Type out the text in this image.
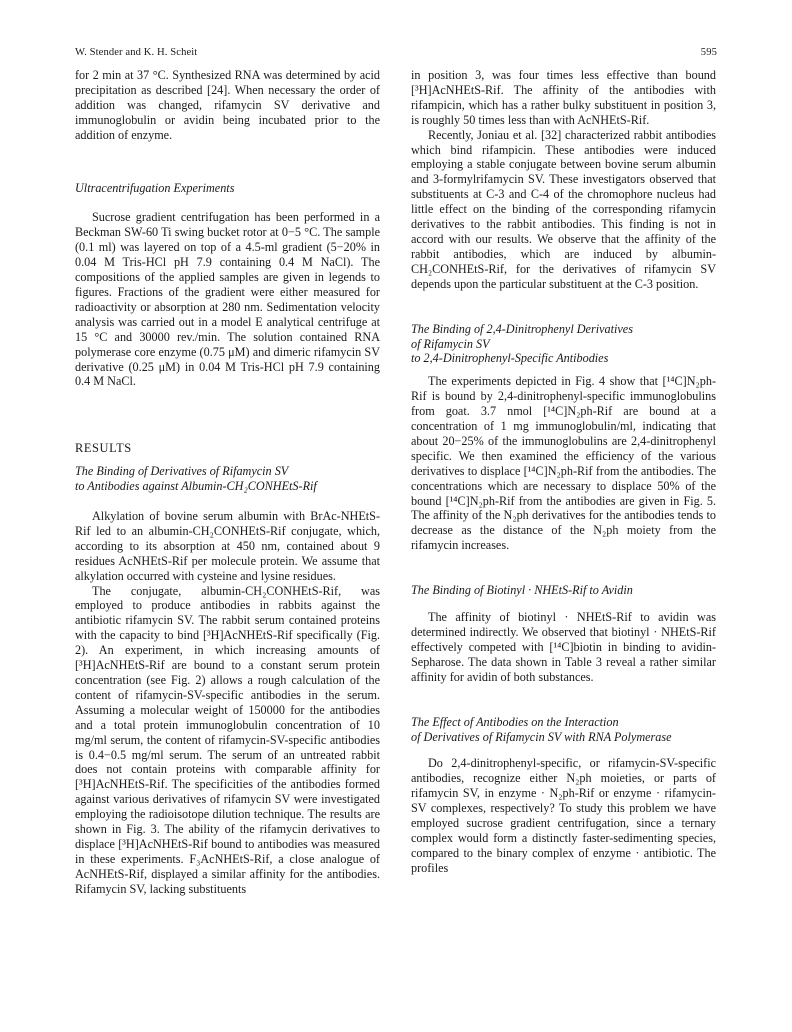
W. Stender and K. H. Scheit	595

for 2 min at 37 °C. Synthesized RNA was determined by acid precipitation as described [24]. When necessary the order of addition was changed, rifamycin SV derivative and immunoglobulin or avidin being incubated prior to the addition of enzyme.

Ultracentrifugation Experiments

Sucrose gradient centrifugation has been performed in a Beckman SW-60 Ti swing bucket rotor at 0−5 °C. The sample (0.1 ml) was layered on top of a 4.5-ml gradient (5−20% in 0.04 M Tris-HCl pH 7.9 containing 0.4 M NaCl). The compositions of the applied samples are given in legends to figures. Fractions of the gradient were either measured for radioactivity or absorption at 280 nm. Sedimentation velocity analysis was carried out in a model E analytical centrifuge at 15 °C and 30000 rev./min. The solution contained RNA polymerase core enzyme (0.75 μM) and dimeric rifamycin SV derivative (0.25 μM) in 0.04 M Tris-HCl pH 7.9 containing 0.4 M NaCl.

RESULTS

The Binding of Derivatives of Rifamycin SV

to Antibodies against Albumin-CH₂CONHEtS-Rif

Alkylation of bovine serum albumin with BrAc-NHEtS-Rif led to an albumin-CH₂CONHEtS-Rif conjugate, which, according to its absorption at 450 nm, contained about 9 residues AcNHEtS-Rif per molecule protein. We assume that alkylation occurred with cysteine and lysine residues.

The conjugate, albumin-CH₂CONHEtS-Rif, was employed to produce antibodies in rabbits against the antibiotic rifamycin SV. The rabbit serum contained proteins with the capacity to bind [³H]AcNHEtS-Rif specifically (Fig. 2). An experiment, in which increasing amounts of [³H]AcNHEtS-Rif are bound to a constant serum protein concentration (see Fig. 2) allows a rough calculation of the content of rifamycin-SV-specific antibodies in the serum. Assuming a molecular weight of 150000 for the antibodies and a total protein immunoglobulin concentration of 10 mg/ml serum, the content of rifamycin-SV-specific antibodies is 0.4−0.5 mg/ml serum. The serum of an untreated rabbit does not contain proteins with comparable affinity for [³H]AcNHEtS-Rif. The specificities of the antibodies formed against various derivatives of rifamycin SV were investigated employing the radioisotope dilution technique. The results are shown in Fig. 3. The ability of the rifamycin derivatives to displace [³H]AcNHEtS-Rif bound to antibodies was measured in these experiments. F₃AcNHEtS-Rif, a close analogue of AcNHEtS-Rif, displayed a similar affinity for the antibodies. Rifamycin SV, lacking substituents

in position 3, was four times less effective than bound [³H]AcNHEtS-Rif. The affinity of the antibodies with rifampicin, which has a rather bulky substituent in position 3, is roughly 50 times less than with AcNHEtS-Rif.

Recently, Joniau et al. [32] characterized rabbit antibodies which bind rifampicin. These antibodies were induced employing a stable conjugate between bovine serum albumin and 3-formylrifamycin SV. These investigators observed that substituents at C-3 and C-4 of the chromophore nucleus had little effect on the binding of the corresponding rifamycin derivatives to the rabbit antibodies. This finding is not in accord with our results. We observe that the affinity of the rabbit antibodies, which are induced by albumin-CH₂CONHEtS-Rif, for the derivatives of rifamycin SV depends upon the particular substituent at the C-3 position.

The Binding of 2,4-Dinitrophenyl Derivatives

of Rifamycin SV

to 2,4-Dinitrophenyl-Specific Antibodies

The experiments depicted in Fig. 4 show that [¹⁴C]N₂ph-Rif is bound by 2,4-dinitrophenyl-specific immunoglobulins from goat. 3.7 nmol [¹⁴C]N₂ph-Rif are bound at a concentration of 1 mg immunoglobulin/ml, indicating that about 20−25% of the immunoglobulins are 2,4-dinitrophenyl specific. We then examined the efficiency of the various derivatives to displace [¹⁴C]N₂ph-Rif from the antibodies. The concentrations which are necessary to displace 50% of the bound [¹⁴C]N₂ph-Rif from the antibodies are given in Fig. 5. The affinity of the N₂ph derivatives for the antibodies tends to decrease as the distance of the N₂ph moiety from the rifamycin increases.

The Binding of Biotinyl · NHEtS-Rif to Avidin

The affinity of biotinyl · NHEtS-Rif to avidin was determined indirectly. We observed that biotinyl · NHEtS-Rif effectively competed with [¹⁴C]biotin in binding to avidin-Sepharose. The data shown in Table 3 reveal a rather similar affinity for avidin of both substances.

The Effect of Antibodies on the Interaction

of Derivatives of Rifamycin SV with RNA Polymerase

Do 2,4-dinitrophenyl-specific, or rifamycin-SV-specific antibodies, recognize either N₂ph moieties, or parts of rifamycin SV, in enzyme · N₂ph-Rif or enzyme · rifamycin-SV complexes, respectively? To study this problem we have employed sucrose gradient centrifugation, since a ternary complex would form a distinctly faster-sedimenting species, compared to the binary complex of enzyme · antibiotic. The profiles
